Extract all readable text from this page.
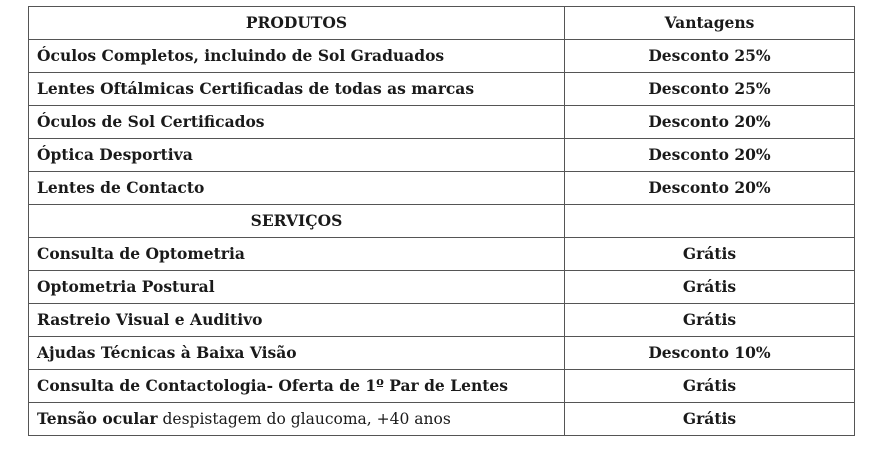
PRODUTOS	Vantagens
Óculos Completos, incluindo de Sol Graduados	Desconto 25%
Lentes Oftálmicas Certificadas de todas as marcas	Desconto 25%
Óculos de Sol Certificados	Desconto 20%
Óptica Desportiva	Desconto 20%
Lentes de Contacto	Desconto 20%
SERVIÇOS	
Consulta de Optometria	Grátis
Optometria Postural	Grátis
Rastreio Visual e Auditivo	Grátis
Ajudas Técnicas à Baixa Visão	Desconto 10%
Consulta de Contactologia- Oferta de 1º Par de Lentes	Grátis
Tensão ocular despistagem do glaucoma, +40 anos	Grátis
